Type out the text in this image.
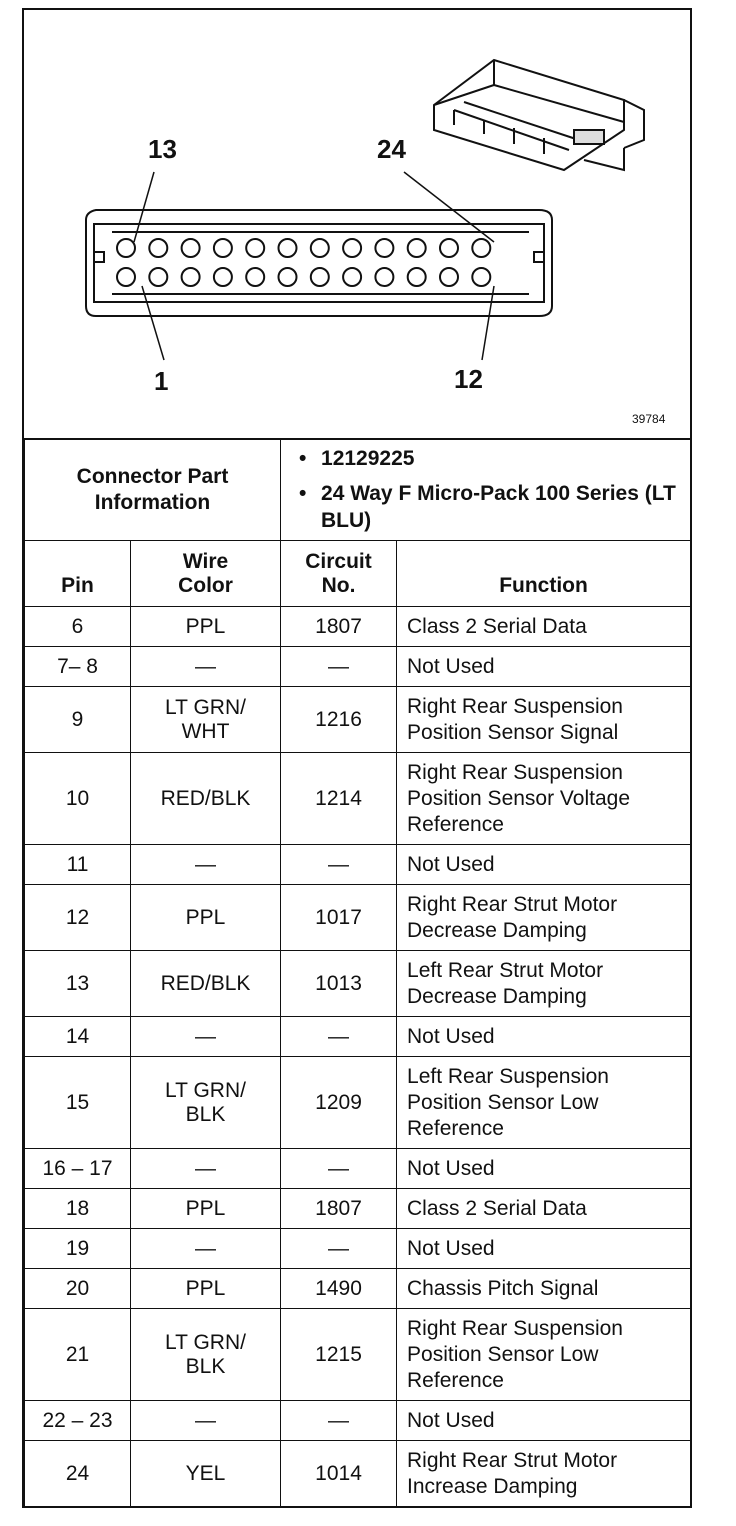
13	24
1	12
39784
Connector Part Information		• 12129225
• 24 Way F Micro-Pack 100 Series (LT BLU)	

Pin	Wire Color	Circuit No.	Function

6	PPL	1807	Class 2 Serial Data

7– 8	—	—	Not Used

9	LT GRN/
WHT	1216	Right Rear Suspension
Position Sensor Signal

10	RED/BLK	1214	Right Rear Suspension
Position Sensor Voltage
Reference

11	—	—	Not Used

12	PPL	1017	Right Rear Strut Motor
Decrease Damping

13	RED/BLK	1013	Left Rear Strut Motor
Decrease Damping

14	—	—	Not Used

15	LT GRN/
BLK	1209	Left Rear Suspension
Position Sensor Low
Reference

16 – 17	—	—	Not Used

18	PPL	1807	Class 2 Serial Data

19	—	—	Not Used

20	PPL	1490	Chassis Pitch Signal

21	LT GRN/
BLK	1215	Right Rear Suspension
Position Sensor Low
Reference

22 – 23	—	—	Not Used

24	YEL	1014	Right Rear Strut Motor
Increase Damping
